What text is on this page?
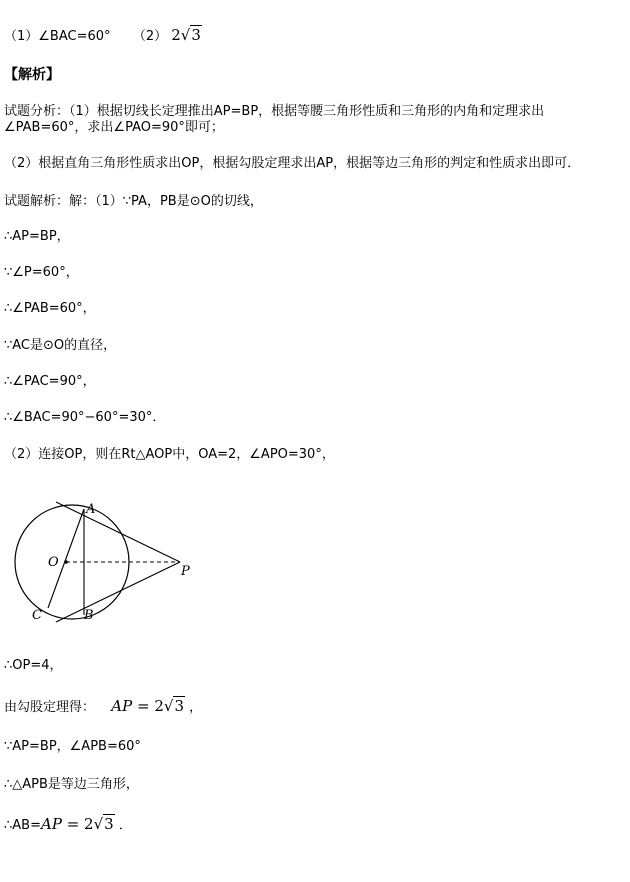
（1）∠BAC=60° （2） 2√3
【解析】
试题分析：（1）根据切线长定理推出AP=BP，根据等腰三角形性质和三角形的内角和定理求出∠PAB=60°，求出∠PAO=90°即可；
（2）根据直角三角形性质求出OP，根据勾股定理求出AP，根据等边三角形的判定和性质求出即可．
试题解析：解：（1）∵PA，PB是⊙O的切线，
∴AP=BP，
∵∠P=60°，
∴∠PAB=60°，
∵AC是⊙O的直径，
∴∠PAC=90°，
∴∠BAC=90°−60°=30°．
（2）连接OP，则在Rt△AOP中，OA=2，∠APO=30°，
A
O
P
C	B
∴OP=4，
由勾股定理得： AP = 2√3 ，
∵AP=BP，∠APB=60°
∴△APB是等边三角形，
∴AB=AP = 2√3 ．
